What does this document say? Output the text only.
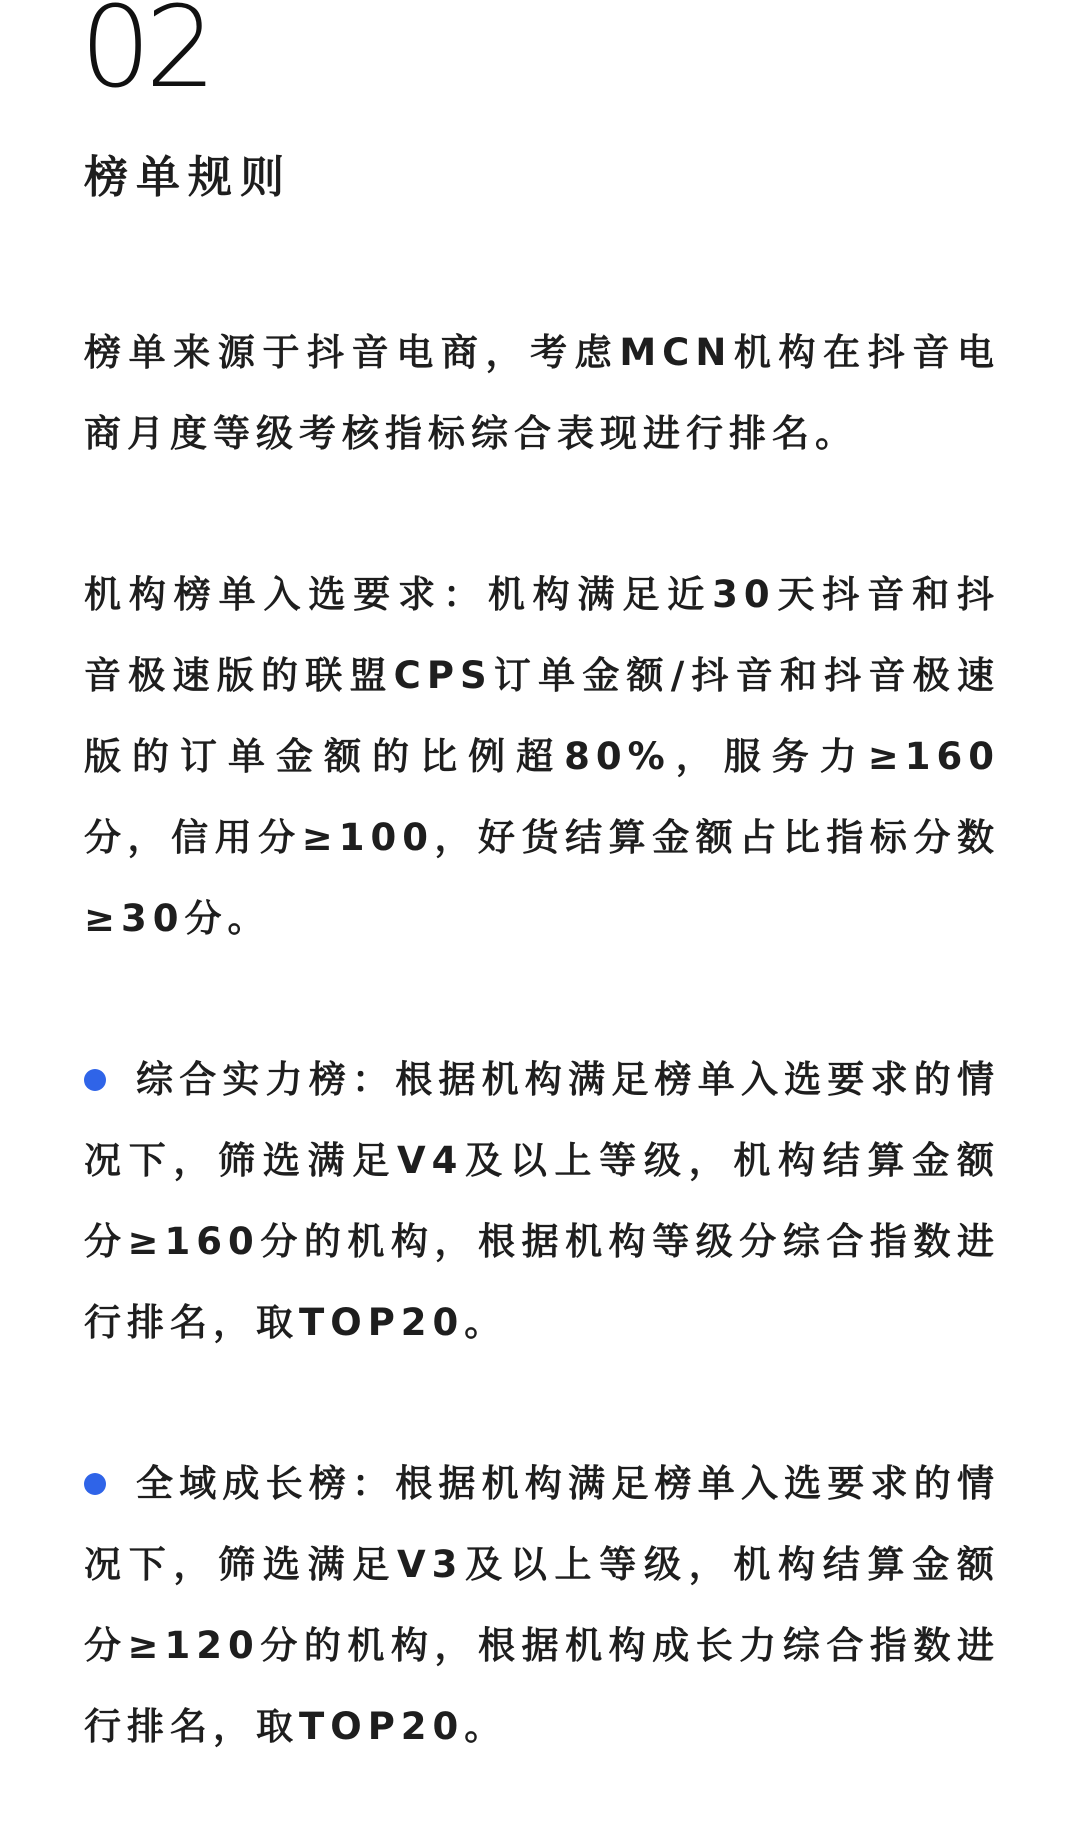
02
榜单规则

榜单来源于抖音电商，考虑MCN机构在抖音电商月度等级考核指标综合表现进行排名。

机构榜单入选要求：机构满足近30天抖音和抖音极速版的联盟CPS订单金额/抖音和抖音极速版的订单金额的比例超80%，服务力≥160分，信用分≥100，好货结算金额占比指标分数≥30分。

综合实力榜：根据机构满足榜单入选要求的情况下，筛选满足V4及以上等级，机构结算金额分≥160分的机构，根据机构等级分综合指数进行排名，取TOP20。
全域成长榜：根据机构满足榜单入选要求的情况下，筛选满足V3及以上等级，机构结算金额分≥120分的机构，根据机构成长力综合指数进行排名，取TOP20。
